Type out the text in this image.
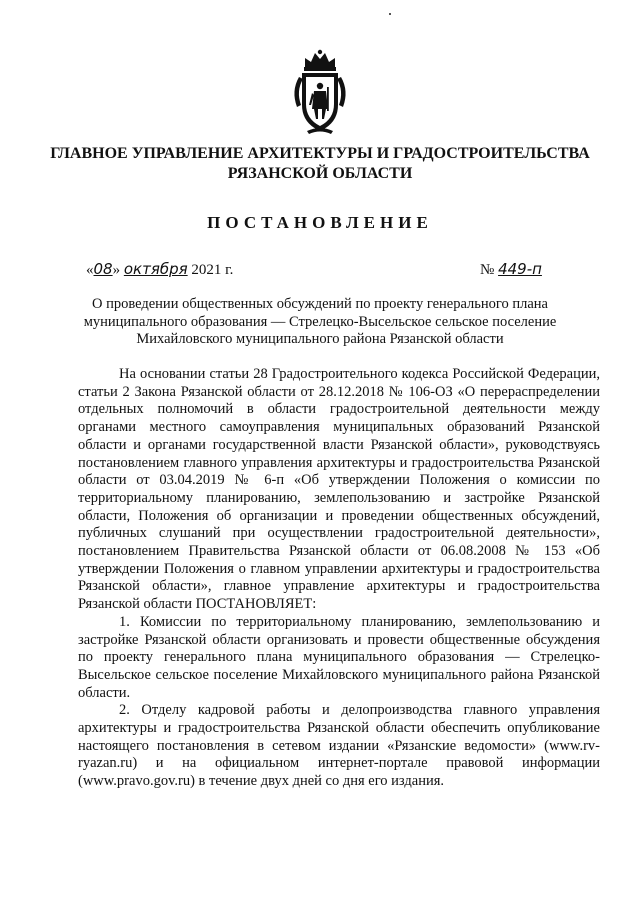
ГЛАВНОЕ УПРАВЛЕНИЕ АРХИТЕКТУРЫ И ГРАДОСТРОИТЕЛЬСТВА
РЯЗАНСКОЙ ОБЛАСТИ
ПОСТАНОВЛЕНИЕ
«08» октября 2021 г.	№ 449-п
О проведении общественных обсуждений по проекту генерального плана
муниципального образования — Стрелецко-Высельское сельское поселение
Михайловского муниципального района Рязанской области

На основании статьи 28 Градостроительного кодекса Российской Федерации, статьи 2 Закона Рязанской области от 28.12.2018 № 106-ОЗ «О перераспределении отдельных полномочий в области градостроительной деятельности между органами местного самоуправления муниципальных образований Рязанской области и органами государственной власти Рязанской области», руководствуясь постановлением главного управления архитектуры и градостроительства Рязанской области от 03.04.2019 № 6-п «Об утверждении Положения о комиссии по территориальному планированию, землепользованию и застройке Рязанской области, Положения об организации и проведении общественных обсуждений, публичных слушаний при осуществлении градостроительной деятельности», постановлением Правительства Рязанской области от 06.08.2008 № 153 «Об утверждении Положения о главном управлении архитектуры и градостроительства Рязанской области», главное управление архитектуры и градостроительства Рязанской области ПОСТАНОВЛЯЕТ:

1. Комиссии по территориальному планированию, землепользованию и застройке Рязанской области организовать и провести общественные обсуждения по проекту генерального плана муниципального образования — Стрелецко-Высельское сельское поселение Михайловского муниципального района Рязанской области.

2. Отделу кадровой работы и делопроизводства главного управления архитектуры и градостроительства Рязанской области обеспечить опубликование настоящего постановления в сетевом издании «Рязанские ведомости» (www.rv-ryazan.ru) и на официальном интернет-портале правовой информации (www.pravo.gov.ru) в течение двух дней со дня его издания.
